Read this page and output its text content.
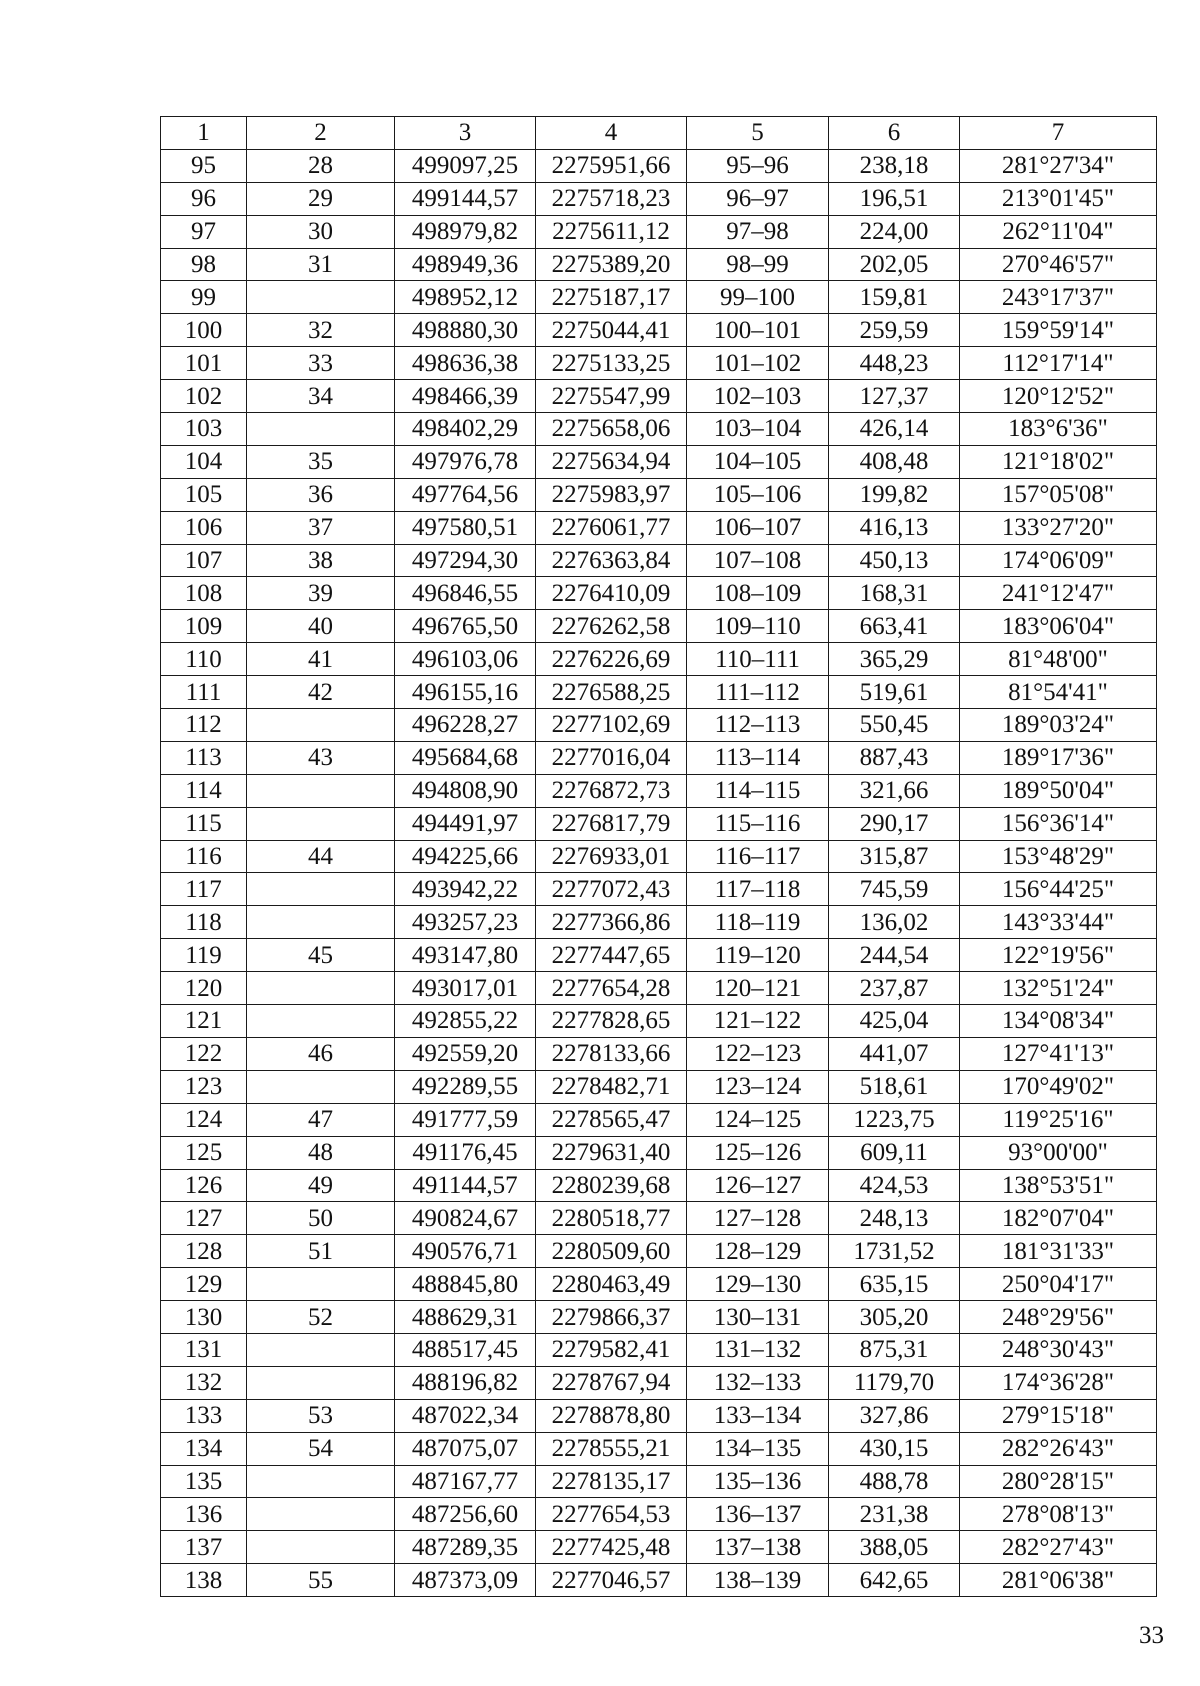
1	2	3	4	5	6	7
95	28	499097,25	2275951,66	95–96	238,18	281°27'34"
96	29	499144,57	2275718,23	96–97	196,51	213°01'45"
97	30	498979,82	2275611,12	97–98	224,00	262°11'04"
98	31	498949,36	2275389,20	98–99	202,05	270°46'57"
99		498952,12	2275187,17	99–100	159,81	243°17'37"
100	32	498880,30	2275044,41	100–101	259,59	159°59'14"
101	33	498636,38	2275133,25	101–102	448,23	112°17'14"
102	34	498466,39	2275547,99	102–103	127,37	120°12'52"
103		498402,29	2275658,06	103–104	426,14	183°6'36"
104	35	497976,78	2275634,94	104–105	408,48	121°18'02"
105	36	497764,56	2275983,97	105–106	199,82	157°05'08"
106	37	497580,51	2276061,77	106–107	416,13	133°27'20"
107	38	497294,30	2276363,84	107–108	450,13	174°06'09"
108	39	496846,55	2276410,09	108–109	168,31	241°12'47"
109	40	496765,50	2276262,58	109–110	663,41	183°06'04"
110	41	496103,06	2276226,69	110–111	365,29	81°48'00"
111	42	496155,16	2276588,25	111–112	519,61	81°54'41"
112		496228,27	2277102,69	112–113	550,45	189°03'24"
113	43	495684,68	2277016,04	113–114	887,43	189°17'36"
114		494808,90	2276872,73	114–115	321,66	189°50'04"
115		494491,97	2276817,79	115–116	290,17	156°36'14"
116	44	494225,66	2276933,01	116–117	315,87	153°48'29"
117		493942,22	2277072,43	117–118	745,59	156°44'25"
118		493257,23	2277366,86	118–119	136,02	143°33'44"
119	45	493147,80	2277447,65	119–120	244,54	122°19'56"
120		493017,01	2277654,28	120–121	237,87	132°51'24"
121		492855,22	2277828,65	121–122	425,04	134°08'34"
122	46	492559,20	2278133,66	122–123	441,07	127°41'13"
123		492289,55	2278482,71	123–124	518,61	170°49'02"
124	47	491777,59	2278565,47	124–125	1223,75	119°25'16"
125	48	491176,45	2279631,40	125–126	609,11	93°00'00"
126	49	491144,57	2280239,68	126–127	424,53	138°53'51"
127	50	490824,67	2280518,77	127–128	248,13	182°07'04"
128	51	490576,71	2280509,60	128–129	1731,52	181°31'33"
129		488845,80	2280463,49	129–130	635,15	250°04'17"
130	52	488629,31	2279866,37	130–131	305,20	248°29'56"
131		488517,45	2279582,41	131–132	875,31	248°30'43"
132		488196,82	2278767,94	132–133	1179,70	174°36'28"
133	53	487022,34	2278878,80	133–134	327,86	279°15'18"
134	54	487075,07	2278555,21	134–135	430,15	282°26'43"
135		487167,77	2278135,17	135–136	488,78	280°28'15"
136		487256,60	2277654,53	136–137	231,38	278°08'13"
137		487289,35	2277425,48	137–138	388,05	282°27'43"
138	55	487373,09	2277046,57	138–139	642,65	281°06'38"
33
